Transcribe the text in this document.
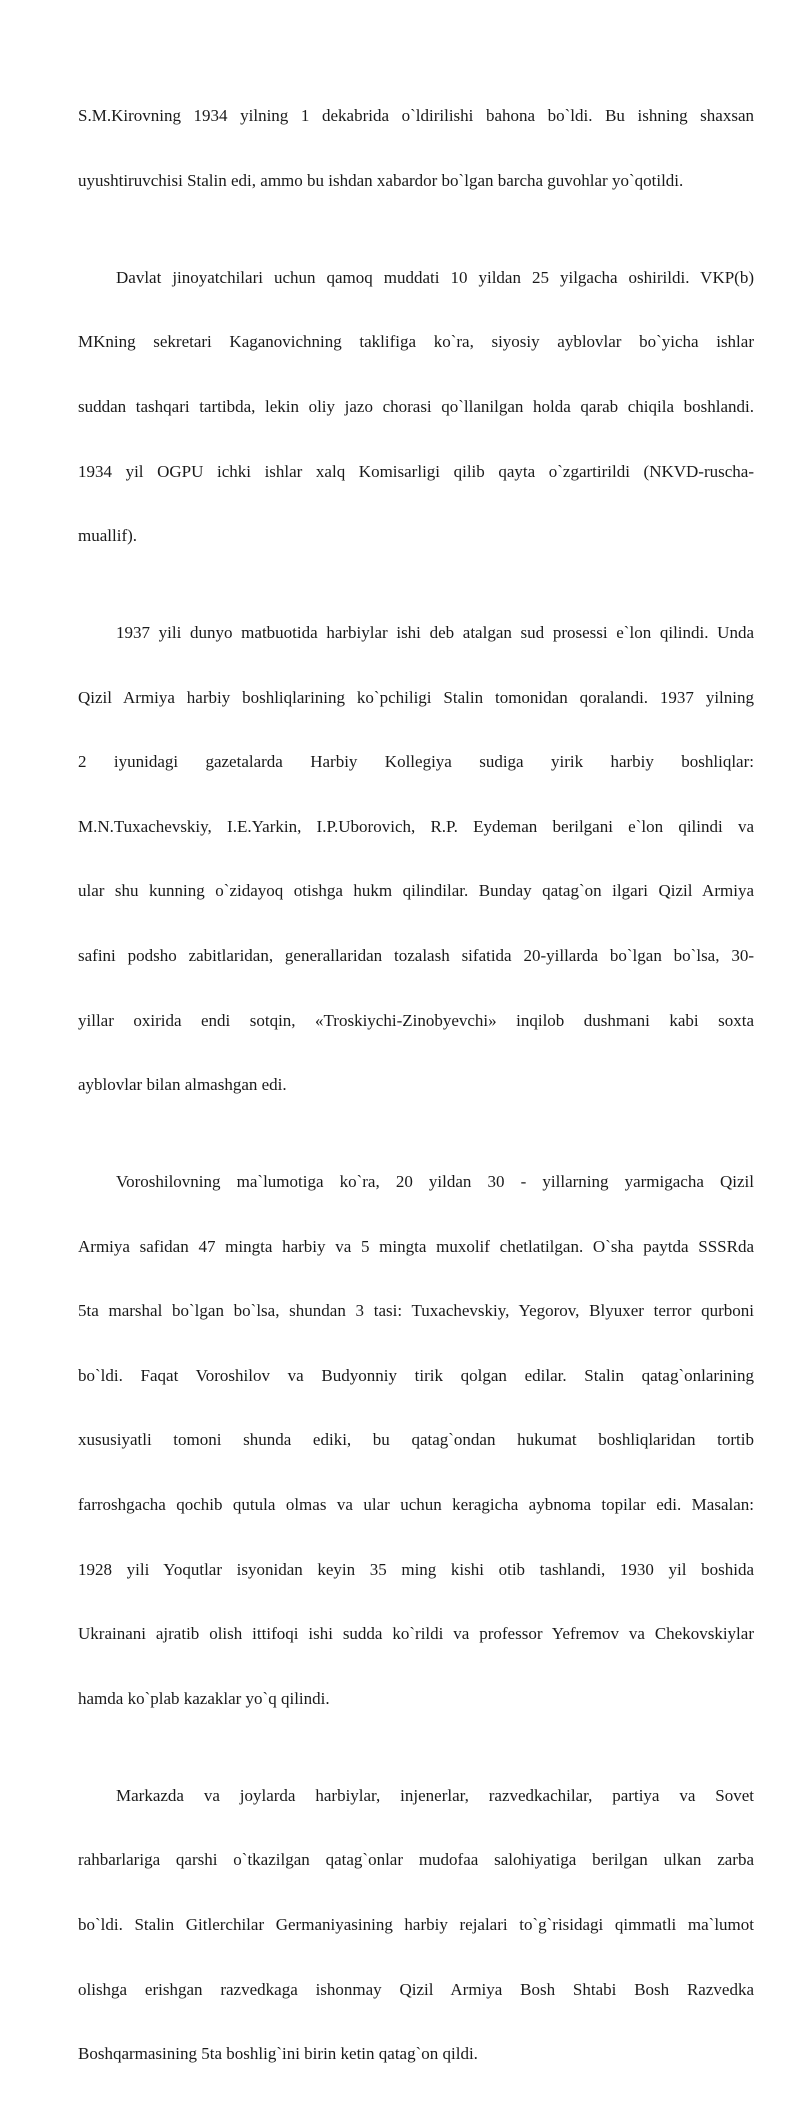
S.M.Kirovning 1934 yilning 1 dekabrida o`ldirilishi bahona bo`ldi. Bu ishning shaxsan

uyushtiruvchisi Stalin edi, ammo bu ishdan xabardor bo`lgan barcha guvohlar yo`qotildi.

Davlat jinoyatchilari uchun qamoq muddati 10 yildan 25 yilgacha oshirildi. VKP(b)

MKning sekretari Kaganovichning taklifiga ko`ra, siyosiy ayblovlar bo`yicha ishlar

suddan tashqari tartibda, lekin oliy jazo chorasi qo`llanilgan holda qarab chiqila boshlandi.

1934 yil OGPU ichki ishlar xalq Komisarligi qilib qayta o`zgartirildi (NKVD-ruscha-

muallif).

1937 yili dunyo matbuotida harbiylar ishi deb atalgan sud prosessi e`lon qilindi. Unda

Qizil Armiya harbiy boshliqlarining ko`pchiligi Stalin tomonidan qoralandi. 1937 yilning

2 iyunidagi gazetalarda Harbiy Kollegiya sudiga yirik harbiy boshliqlar:

M.N.Tuxachevskiy, I.E.Yarkin, I.P.Uborovich, R.P. Eydeman berilgani e`lon qilindi va

ular shu kunning o`zidayoq otishga hukm qilindilar. Bunday qatag`on ilgari Qizil Armiya

safini podsho zabitlaridan, generallaridan tozalash sifatida 20-yillarda bo`lgan bo`lsa, 30-

yillar oxirida endi sotqin, «Troskiychi-Zinobyevchi» inqilob dushmani kabi soxta

ayblovlar bilan almashgan edi.

Voroshilovning ma`lumotiga ko`ra, 20 yildan 30 - yillarning yarmigacha Qizil

Armiya safidan 47 mingta harbiy va 5 mingta muxolif chetlatilgan. O`sha paytda SSSRda

5ta marshal bo`lgan bo`lsa, shundan 3 tasi: Tuxachevskiy, Yegorov, Blyuxer terror qurboni

bo`ldi. Faqat Voroshilov va Budyonniy tirik qolgan edilar. Stalin qatag`onlarining

xususiyatli tomoni shunda ediki, bu qatag`ondan hukumat boshliqlaridan tortib

farroshgacha qochib qutula olmas va ular uchun keragicha aybnoma topilar edi. Masalan:

1928 yili Yoqutlar isyonidan keyin 35 ming kishi otib tashlandi, 1930 yil boshida

Ukrainani ajratib olish ittifoqi ishi sudda ko`rildi va professor Yefremov va Chekovskiylar

hamda ko`plab kazaklar yo`q qilindi.

Markazda va joylarda harbiylar, injenerlar, razvedkachilar, partiya va Sovet

rahbarlariga qarshi o`tkazilgan qatag`onlar mudofaa salohiyatiga berilgan ulkan zarba

bo`ldi. Stalin Gitlerchilar Germaniyasining harbiy rejalari to`g`risidagi qimmatli ma`lumot

olishga erishgan razvedkaga ishonmay Qizil Armiya Bosh Shtabi Bosh Razvedka

Boshqarmasining 5ta boshlig`ini birin ketin qatag`on qildi.
